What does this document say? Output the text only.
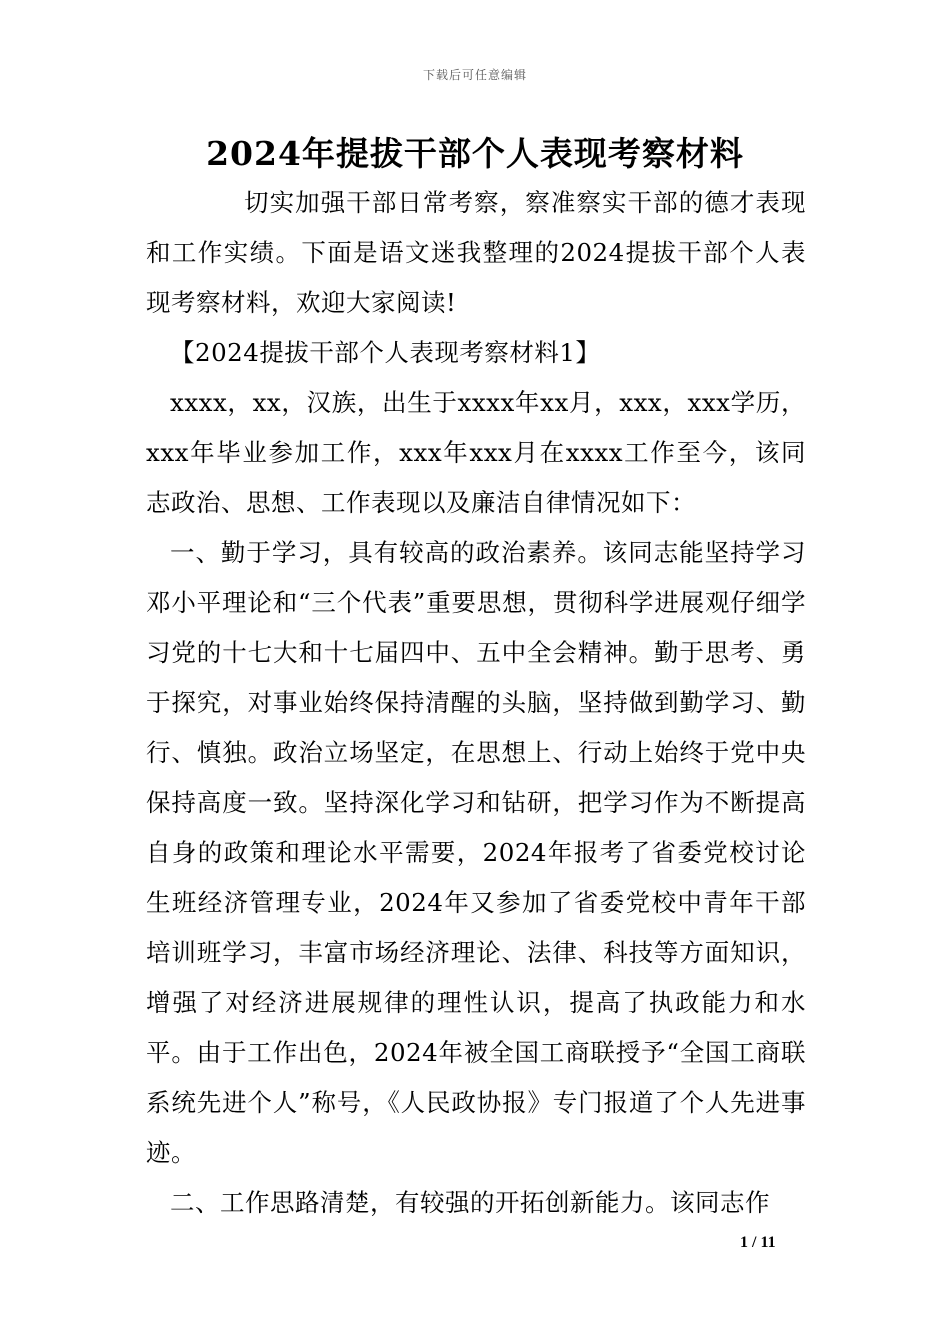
下载后可任意编辑
2024年提拔干部个人表现考察材料

切实加强干部日常考察，察准察实干部的德才表现和工作实绩。下面是语文迷我整理的2024提拔干部个人表现考察材料，欢迎大家阅读!

【2024提拔干部个人表现考察材料1】

xxxx，xx，汉族，出生于xxxx年xx月，xxx，xxx学历，xxx年毕业参加工作，xxx年xxx月在xxxx工作至今，该同志政治、思想、工作表现以及廉洁自律情况如下：

一、勤于学习，具有较高的政治素养。该同志能坚持学习邓小平理论和“三个代表”重要思想，贯彻科学进展观仔细学习党的十七大和十七届四中、五中全会精神。勤于思考、勇于探究，对事业始终保持清醒的头脑，坚持做到勤学习、勤行、慎独。政治立场坚定，在思想上、行动上始终于党中央保持高度一致。坚持深化学习和钻研，把学习作为不断提高自身的政策和理论水平需要，2024年报考了省委党校讨论生班经济管理专业，2024年又参加了省委党校中青年干部培训班学习，丰富市场经济理论、法律、科技等方面知识，增强了对经济进展规律的理性认识，提高了执政能力和水平。由于工作出色，2024年被全国工商联授予“全国工商联系统先进个人”称号，《人民政协报》专门报道了个人先进事迹。

二、工作思路清楚，有较强的开拓创新能力。该同志作

1 / 11
